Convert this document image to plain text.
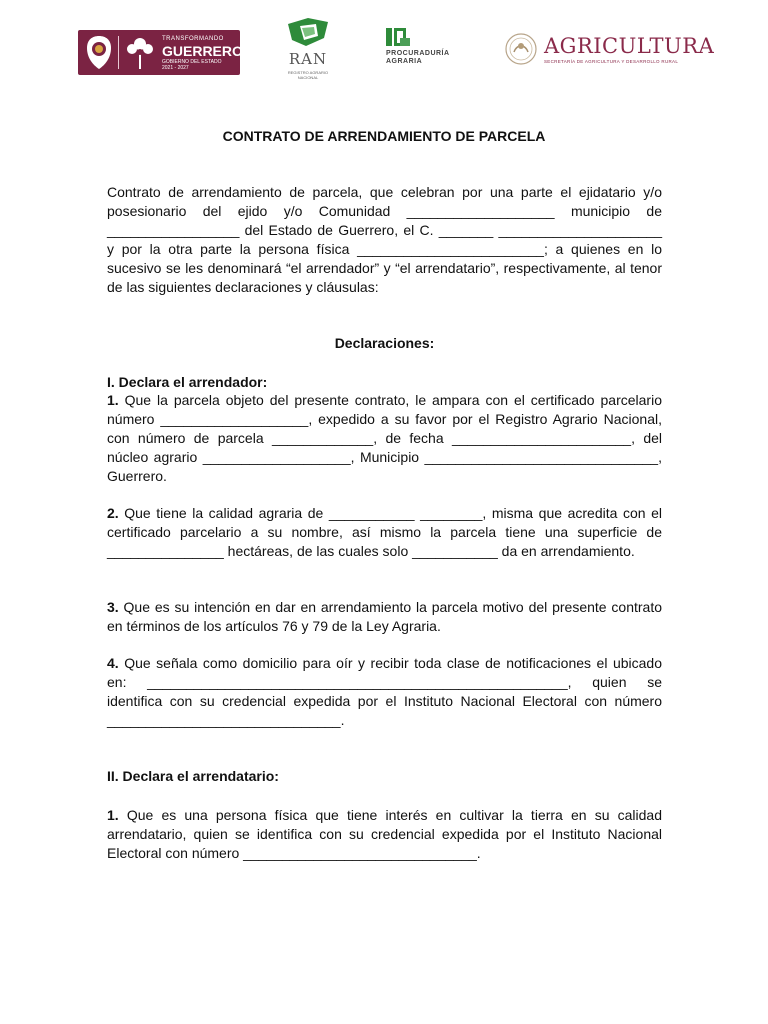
TRANSFORMANDO
GUERRERO
GOBIERNO DEL ESTADO
2021 - 2027	RAN
REGISTRO AGRARIO
NACIONAL
PROCURADURÍA
AGRARIA
AGRICULTURA
SECRETARÍA DE AGRICULTURA Y DESARROLLO RURAL
CONTRATO DE ARRENDAMIENTO DE PARCELA

Contrato de arrendamiento de parcela, que celebran por una parte el ejidatario y/o posesionario del ejido y/o Comunidad ___________________ municipio de _________________ del Estado de Guerrero, el C. _______ _____________________ y por la otra parte la persona física ________________________; a quienes en lo sucesivo se les denominará “el arrendador” y “el arrendatario”, respectivamente, al tenor de las siguientes declaraciones y cláusulas:

Declaraciones:

I. Declara el arrendador:

1. Que la parcela objeto del presente contrato, le ampara con el certificado parcelario número ___________________, expedido a su favor por el Registro Agrario Nacional, con número de parcela _____________, de fecha _______________________, del núcleo agrario ___________________, Municipio ______________________________, Guerrero.

2. Que tiene la calidad agraria de ___________ ________, misma que acredita con el certificado parcelario a su nombre, así mismo la parcela tiene una superficie de _______________ hectáreas, de las cuales solo ___________ da en arrendamiento.

3. Que es su intención en dar en arrendamiento la parcela motivo del presente contrato en términos de los artículos 76 y 79 de la Ley Agraria.

4. Que señala como domicilio para oír y recibir toda clase de notificaciones el ubicado en: ______________________________________________________, quien se identifica con su credencial expedida por el Instituto Nacional Electoral con número ______________________________.

II. Declara el arrendatario:

1. Que es una persona física que tiene interés en cultivar la tierra en su calidad arrendatario, quien se identifica con su credencial expedida por el Instituto Nacional Electoral con número ______________________________.
